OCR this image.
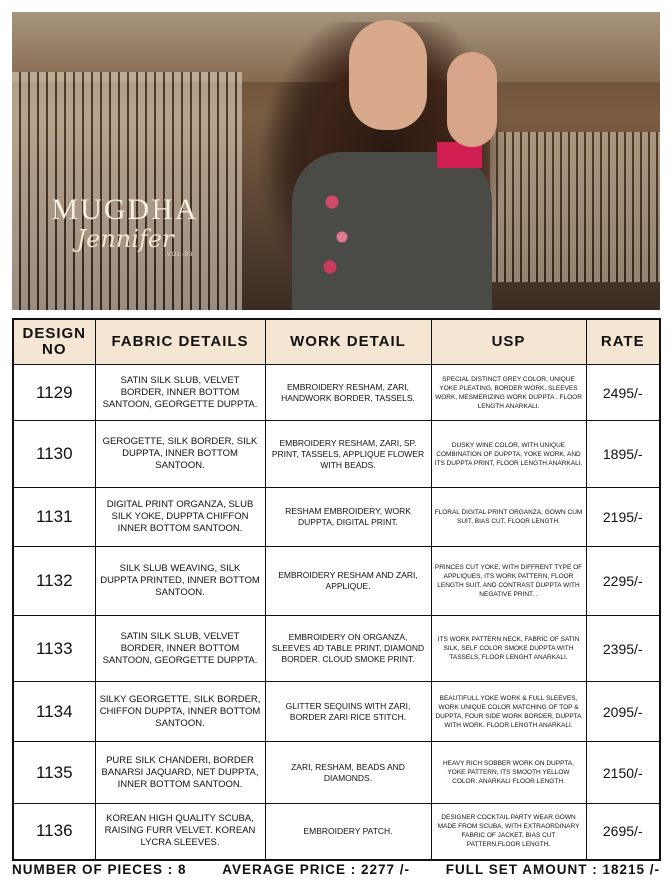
MUGDHA
Jennifer
VOL-03
DESIGN NO	FABRIC DETAILS	WORK DETAIL	USP	RATE
1129	SATIN SILK SLUB, VELVET BORDER, INNER BOTTOM SANTOON, GEORGETTE DUPPTA.	EMBROIDERY RESHAM, ZARI, HANDWORK BORDER, TASSELS.	SPECIAL DISTINCT GREY COLOR, UNIQUE YOKE PLEATING, BORDER WORK, SLEEVES WORK, MESMERIZING WORK DUPPTA . FLOOR LENGTH ANARKALI.	2495/-
1130	GEROGETTE, SILK BORDER, SILK DUPPTA, INNER BOTTOM SANTOON.	EMBROIDERY RESHAM, ZARI, SP. PRINT, TASSELS, APPLIQUE FLOWER WITH BEADS.	DUSKY WINE COLOR, WITH UNIQUE COMBINATION OF DUPPTA, YOKE WORK, AND ITS DUPPTA PRINT, FLOOR LENGTH ANARKALI.	1895/-
1131	DIGITAL PRINT ORGANZA, SLUB SILK YOKE, DUPPTA CHIFFON INNER BOTTOM SANTOON.	RESHAM EMBROIDERY, WORK DUPPTA, DIGITAL PRINT.	FLORAL DIGITAL PRINT ORGANZA, GOWN CUM SUIT, BIAS CUT, FLOOR LENGTH.	2195/-
1132	SILK SLUB WEAVING, SILK DUPPTA PRINTED, INNER BOTTOM SANTOON.	EMBROIDERY RESHAM AND ZARI, APPLIQUE.	PRINCES CUT YOKE, WITH DIFFRENT TYPE OF APPLIQUES, ITS WORK PATTERN, FLOOR LENGTH SUIT. AND CONTRAST DUPPTA WITH NEGATIVE PRINT. .	2295/-
1133	SATIN SILK SLUB, VELVET BORDER, INNER BOTTOM SANTOON, GEORGETTE DUPPTA.	EMBROIDERY ON ORGANZA, SLEEVES 4D TABLE PRINT. DIAMOND BORDER. CLOUD SMOKE PRINT.	ITS WORK PATTERN NECK, FABRIC OF SATIN SILK, SELF COLOR SMOKE DUPPTA WITH TASSELS, FLOOR LENGHT ANARKALI.	2395/-
1134	SILKY GEORGETTE, SILK BORDER, CHIFFON DUPPTA, INNER BOTTOM SANTOON.	GLITTER SEQUINS WITH ZARI, BORDER ZARI RICE STITCH.	BEAUTIFULL YOKE WORK & FULL SLEEVES, WORK UNIQUE COLOR MATCHING OF TOP & DUPPTA, FOUR SIDE WORK BORDER, DUPPTA WITH WORK. FLOOR LENGTH ANARKALI.	2095/-
1135	PURE SILK CHANDERI, BORDER BANARSI JAQUARD, NET DUPPTA, INNER BOTTOM SANTOON.	ZARI, RESHAM, BEADS AND DIAMONDS.	HEAVY RICH SOBBER WORK ON DUPPTA, YOKE PATTERN, ITS SMOOTH YELLOW COLOR. ANARKALI FLOOR LENGTH.	2150/-
1136	KOREAN HIGH QUALITY SCUBA, RAISING FURR VELVET. KOREAN LYCRA SLEEVES.	EMBROIDERY PATCH.	DESIGNER COCKTAIL PARTY WEAR GOWN MADE FROM SCUBA, WITH EXTRAORDINARY FABRIC OF JACKET, BIAS CUT PATTERN,FLOOR LENGTH.	2695/-
NUMBER OF PIECES : 8	AVERAGE PRICE : 2277 /-	FULL SET AMOUNT : 18215 /-
